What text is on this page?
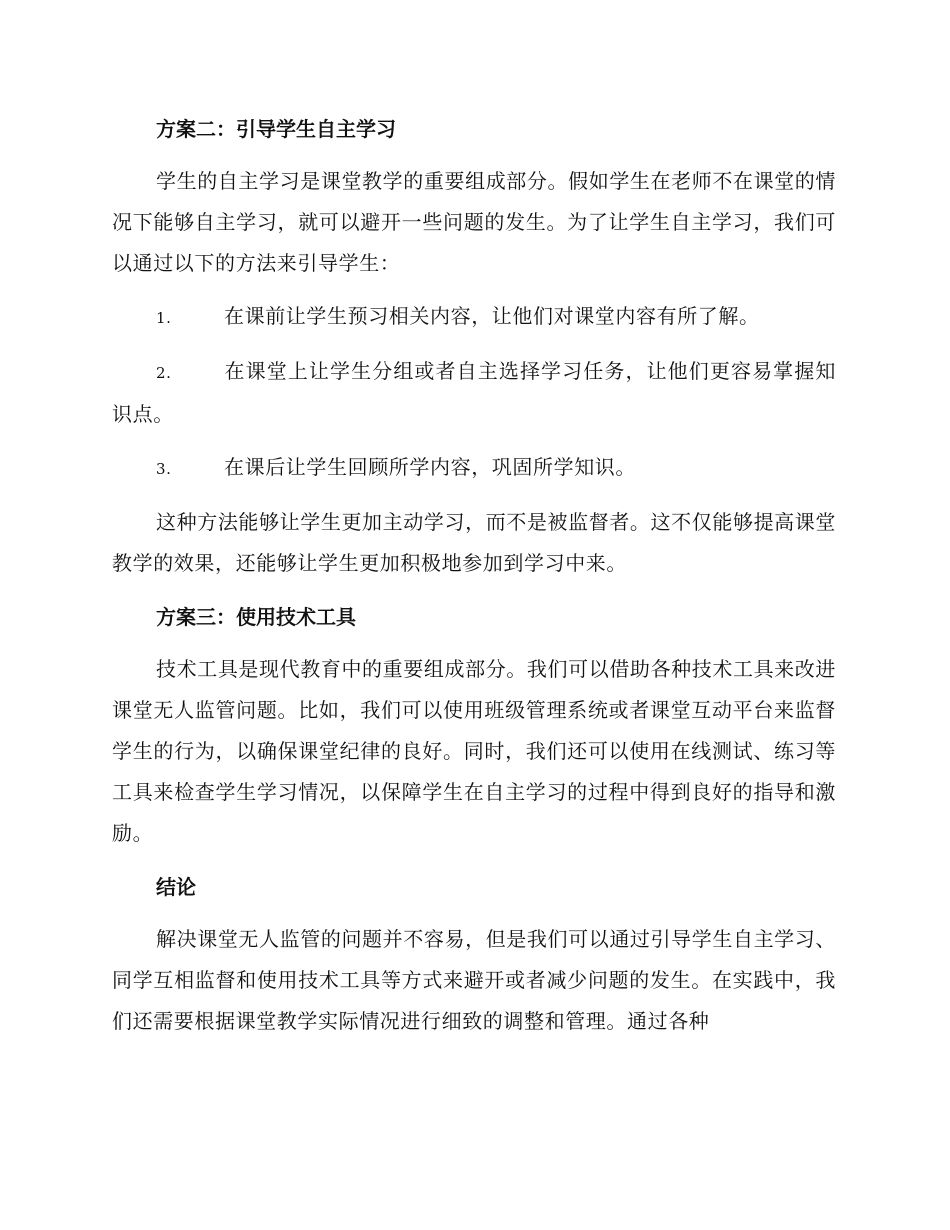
方案二：引导学生自主学习

学生的自主学习是课堂教学的重要组成部分。假如学生在老师不在课堂的情况下能够自主学习，就可以避开一些问题的发生。为了让学生自主学习，我们可以通过以下的方法来引导学生：

1.	在课前让学生预习相关内容，让他们对课堂内容有所了解。

2.	在课堂上让学生分组或者自主选择学习任务，让他们更容易掌握知识点。

3.	在课后让学生回顾所学内容，巩固所学知识。

这种方法能够让学生更加主动学习，而不是被监督者。这不仅能够提高课堂教学的效果，还能够让学生更加积极地参加到学习中来。

方案三：使用技术工具

技术工具是现代教育中的重要组成部分。我们可以借助各种技术工具来改进课堂无人监管问题。比如，我们可以使用班级管理系统或者课堂互动平台来监督学生的行为，以确保课堂纪律的良好。同时，我们还可以使用在线测试、练习等工具来检查学生学习情况，以保障学生在自主学习的过程中得到良好的指导和激励。

结论

解决课堂无人监管的问题并不容易，但是我们可以通过引导学生自主学习、同学互相监督和使用技术工具等方式来避开或者减少问题的发生。在实践中，我们还需要根据课堂教学实际情况进行细致的调整和管理。通过各种
